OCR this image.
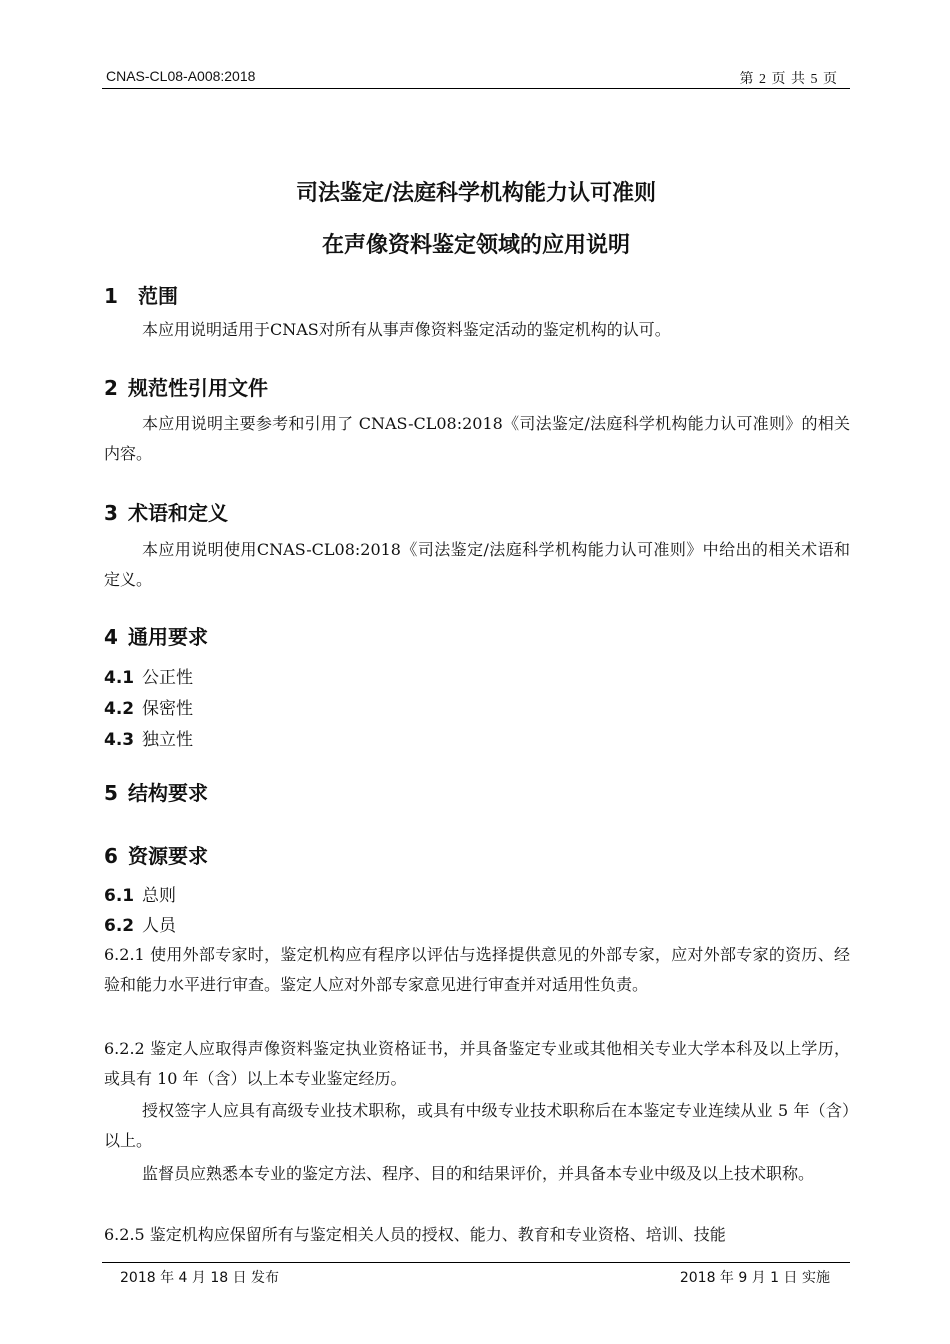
CNAS-CL08-A008:2018	第 2 页 共 5 页
司法鉴定/法庭科学机构能力认可准则
在声像资料鉴定领域的应用说明
1 范围
本应用说明适用于CNAS对所有从事声像资料鉴定活动的鉴定机构的认可。
2 规范性引用文件
本应用说明主要参考和引用了 CNAS-CL08:2018《司法鉴定/法庭科学机构能力认可准则》的相关内容。
3 术语和定义
本应用说明使用CNAS-CL08:2018《司法鉴定/法庭科学机构能力认可准则》中给出的相关术语和定义。
4 通用要求
4.1 公正性
4.2 保密性
4.3 独立性
5 结构要求
6 资源要求
6.1 总则
6.2 人员
6.2.1 使用外部专家时，鉴定机构应有程序以评估与选择提供意见的外部专家，应对外部专家的资历、经验和能力水平进行审查。鉴定人应对外部专家意见进行审查并对适用性负责。
6.2.2 鉴定人应取得声像资料鉴定执业资格证书，并具备鉴定专业或其他相关专业大学本科及以上学历，或具有 10 年（含）以上本专业鉴定经历。
授权签字人应具有高级专业技术职称，或具有中级专业技术职称后在本鉴定专业连续从业 5 年（含）以上。
监督员应熟悉本专业的鉴定方法、程序、目的和结果评价，并具备本专业中级及以上技术职称。
6.2.5 鉴定机构应保留所有与鉴定相关人员的授权、能力、教育和专业资格、培训、技能
2018 年 4 月 18 日 发布	2018 年 9 月 1 日 实施
